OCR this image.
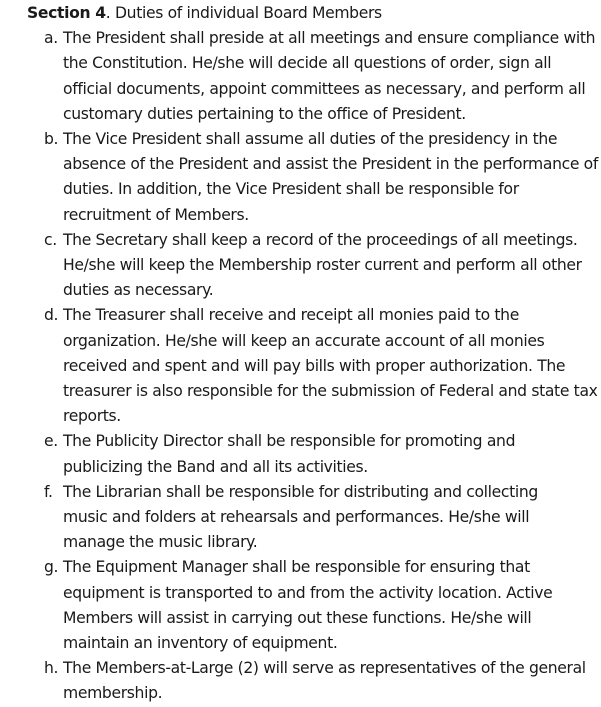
Section 4. Duties of individual Board Members

a. The President shall preside at all meetings and ensure compliance with the Constitution. He/she will decide all questions of order, sign all official documents, appoint committees as necessary, and perform all customary duties pertaining to the office of President.
b. The Vice President shall assume all duties of the presidency in the absence of the President and assist the President in the performance of duties. In addition, the Vice President shall be responsible for recruitment of Members.
c. The Secretary shall keep a record of the proceedings of all meetings. He/she will keep the Membership roster current and perform all other duties as necessary.
d. The Treasurer shall receive and receipt all monies paid to the organization. He/she will keep an accurate account of all monies received and spent and will pay bills with proper authorization. The treasurer is also responsible for the submission of Federal and state tax reports.
e. The Publicity Director shall be responsible for promoting and publicizing the Band and all its activities.
f. The Librarian shall be responsible for distributing and collecting music and folders at rehearsals and performances. He/she will manage the music library.
g. The Equipment Manager shall be responsible for ensuring that equipment is transported to and from the activity location. Active Members will assist in carrying out these functions. He/she will maintain an inventory of equipment.
h. The Members-at-Large (2) will serve as representatives of the general membership.
